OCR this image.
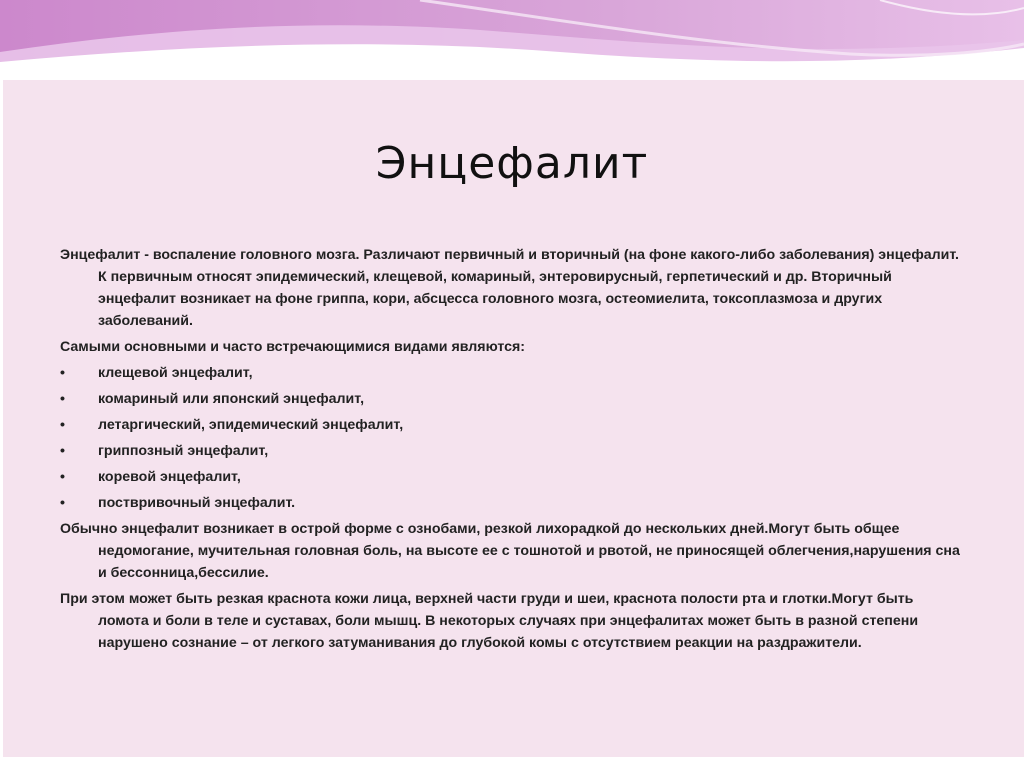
Энцефалит

Энцефалит - воспаление головного мозга. Различают первичный и вторичный (на фоне какого-либо заболевания) энцефалит. К первичным относят эпидемический, клещевой, комариный, энтеровирусный, герпетический и др. Вторичный энцефалит возникает на фоне гриппа, кори, абсцесса головного мозга, остеомиелита, токсоплазмоза и других заболеваний.

Самыми основными и часто встречающимися видами являются:

•	клещевой энцефалит,
•	комариный или японский энцефалит,
•	летаргический, эпидемический энцефалит,
•	гриппозный энцефалит,
•	коревой энцефалит,
•	поствривочный энцефалит.

Обычно энцефалит возникает в острой форме с ознобами, резкой лихорадкой до нескольких дней.Могут быть общее недомогание, мучительная головная боль, на высоте ее с тошнотой и рвотой, не приносящей облегчения,нарушения сна и бессонница,бессилие.

При этом может быть резкая краснота кожи лица, верхней части груди и шеи, краснота полости рта и глотки.Могут быть ломота и боли в теле и суставах, боли мышц. В некоторых случаях при энцефалитах может быть в разной степени нарушено сознание – от легкого затуманивания до глубокой комы с отсутствием реакции на раздражители.
